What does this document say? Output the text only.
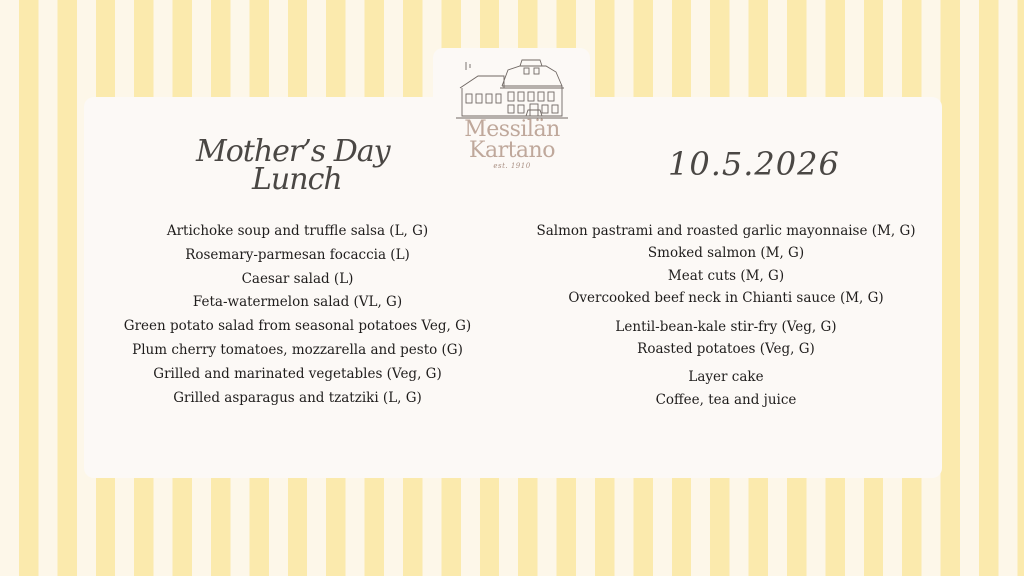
Messilän
Kartano
est. 1910
Mother’s Day
Lunch	10.5.2026
Artichoke soup and truffle salsa (L, G)
Rosemary-parmesan focaccia (L)
Caesar salad (L)
Feta-watermelon salad (VL, G)
Green potato salad from seasonal potatoes Veg, G)
Plum cherry tomatoes, mozzarella and pesto (G)
Grilled and marinated vegetables (Veg, G)
Grilled asparagus and tzatziki (L, G)
Salmon pastrami and roasted garlic mayonnaise (M, G)
Smoked salmon (M, G)
Meat cuts (M, G)
Overcooked beef neck in Chianti sauce (M, G)
Lentil-bean-kale stir-fry (Veg, G)
Roasted potatoes (Veg, G)
Layer cake
Coffee, tea and juice
